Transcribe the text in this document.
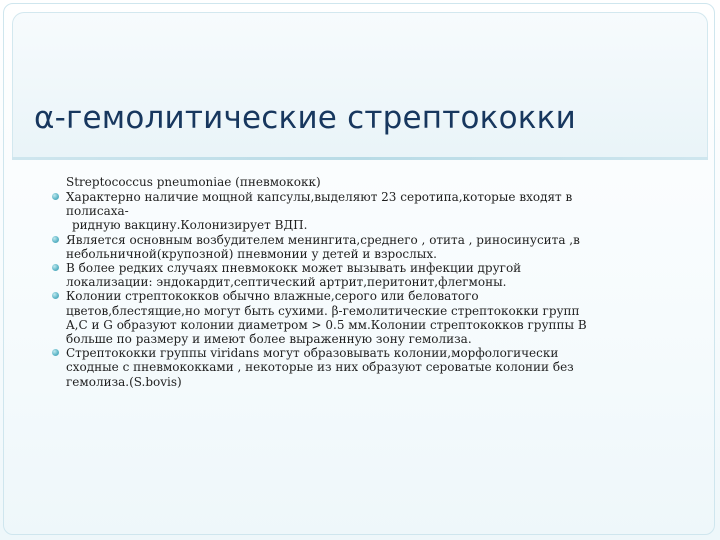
α-гемолитические стрептококки
Streptococcus pneumoniae (пневмококк)
Характерно наличие мощной капсулы,выделяют 23 серотипа,которые входят в
полисаха-
ридную вакцину.Колонизирует ВДП.
Является основным возбудителем менингита,среднего , отита , риносинусита ,в
небольничной(крупозной) пневмонии у детей и взрослых.
В более редких случаях пневмококк может вызывать инфекции другой
локализации: эндокардит,септический артрит,перитонит,флегмоны.
Колонии стрептококков обычно влажные,серого или беловатого
цветов,блестящие,но могут быть сухими. β-гемолитические стрептококки групп
A,C и G образуют колонии диаметром > 0.5 мм.Колонии стрептококков группы B
больше по размеру и имеют более выраженную зону гемолиза.
Стрептококки группы viridans могут образовывать колонии,морфологически
сходные с пневмококками , некоторые из них образуют сероватые колонии без
гемолиза.(S.bovis)
